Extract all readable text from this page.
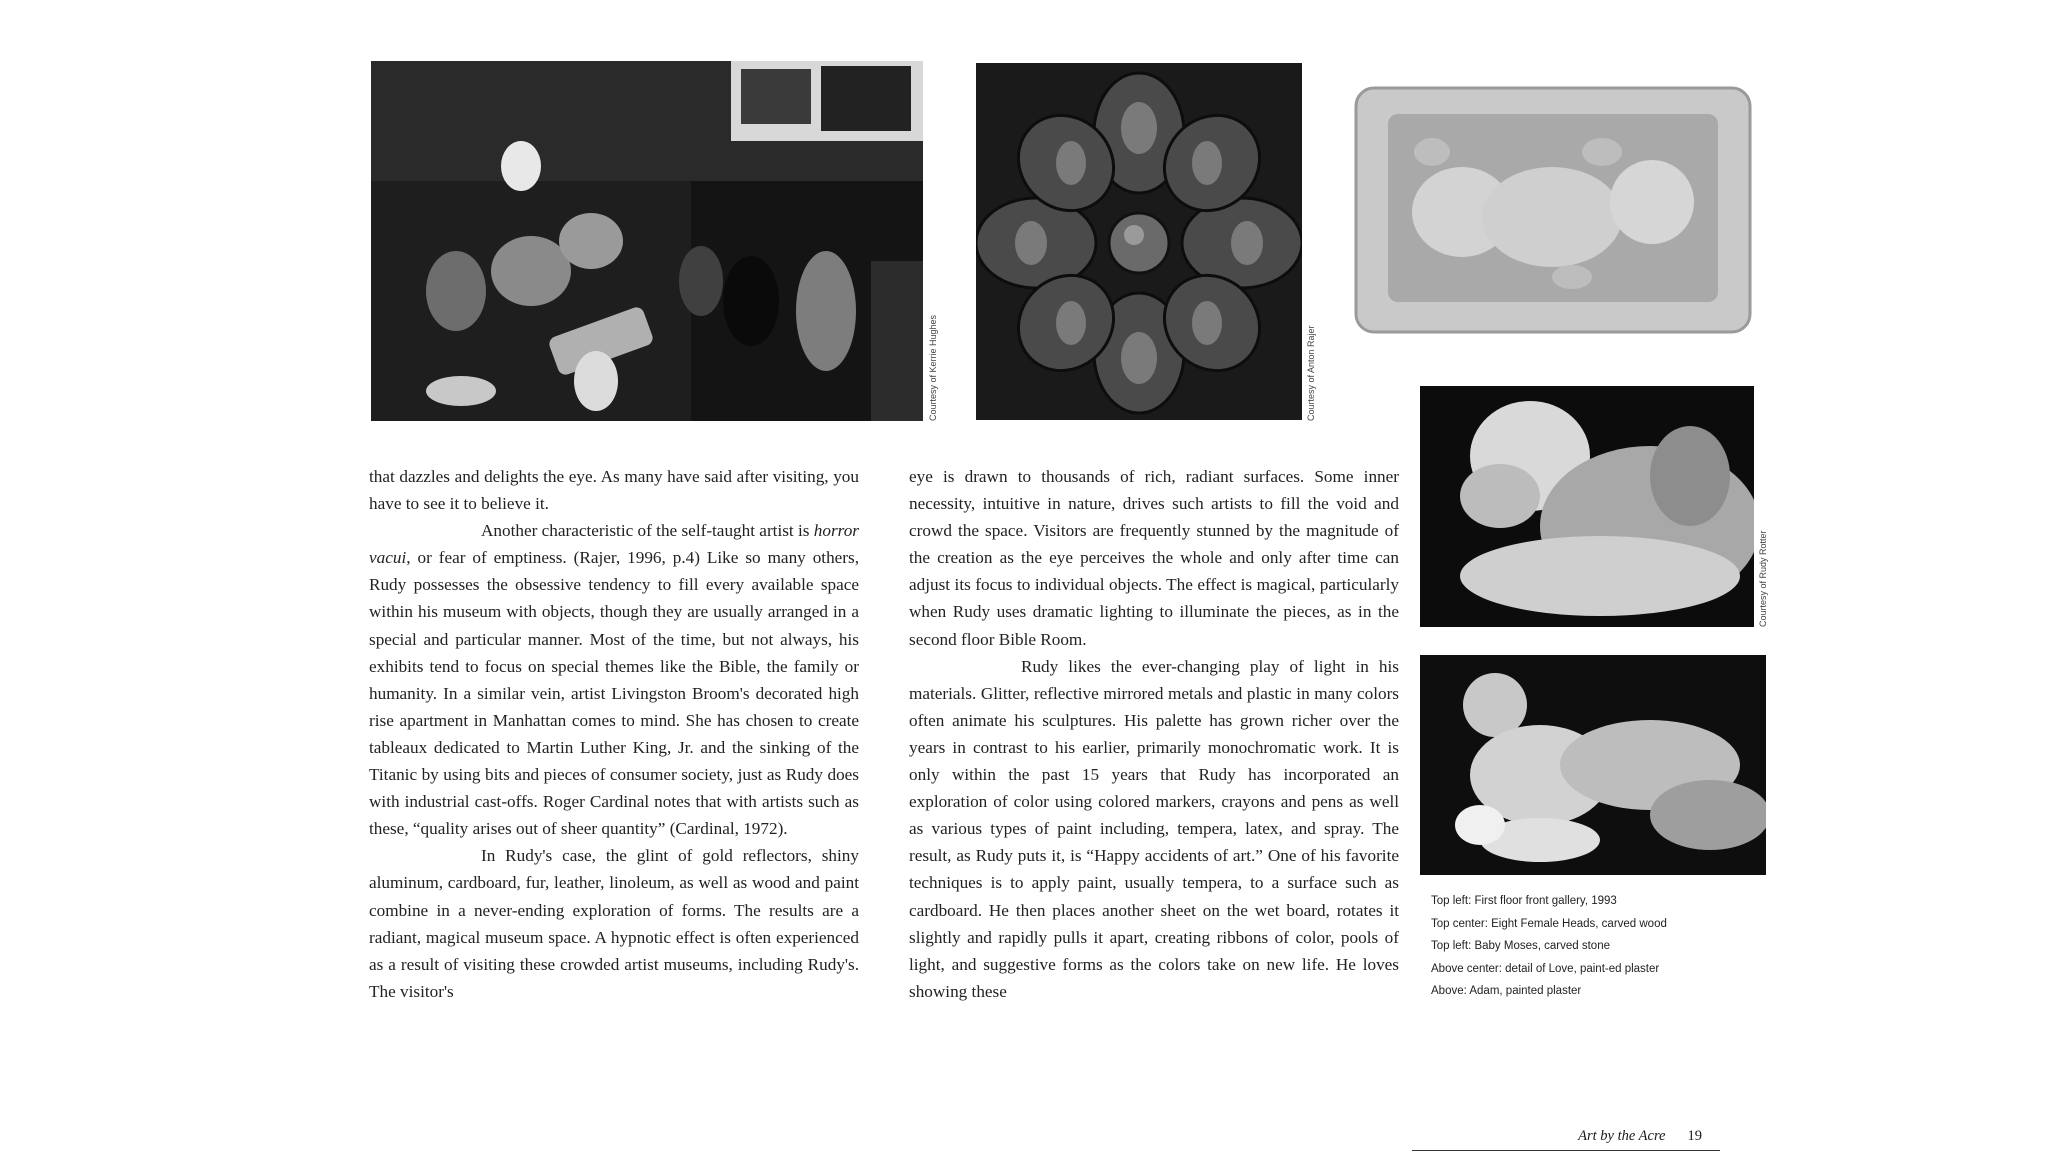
Courtesy of Kerrie Hughes	Courtesy of Anton Rajer
Courtesy of Rudy Rotter

that dazzles and delights the eye. As many have said after visiting, you have to see it to believe it.

Another characteristic of the self-taught artist is horror vacui, or fear of emptiness. (Rajer, 1996, p.4) Like so many others, Rudy possesses the obsessive tendency to fill every available space within his museum with objects, though they are usually arranged in a special and particular manner. Most of the time, but not always, his exhibits tend to focus on special themes like the Bible, the family or humanity. In a similar vein, artist Livingston Broom's decorated high rise apartment in Manhattan comes to mind. She has chosen to create tableaux dedicated to Martin Luther King, Jr. and the sinking of the Titanic by using bits and pieces of consumer society, just as Rudy does with industrial cast-offs. Roger Cardinal notes that with artists such as these, “quality arises out of sheer quantity” (Cardinal, 1972).

In Rudy's case, the glint of gold reflectors, shiny aluminum, cardboard, fur, leather, linoleum, as well as wood and paint combine in a never-ending exploration of forms. The results are a radiant, magical museum space. A hypnotic effect is often experienced as a result of visiting these crowded artist museums, including Rudy's. The visitor's

eye is drawn to thousands of rich, radiant surfaces. Some inner necessity, intuitive in nature, drives such artists to fill the void and crowd the space. Visitors are frequently stunned by the magnitude of the creation as the eye perceives the whole and only after time can adjust its focus to individual objects. The effect is magical, particularly when Rudy uses dramatic lighting to illuminate the pieces, as in the second floor Bible Room.

Rudy likes the ever-changing play of light in his materials. Glitter, reflective mirrored metals and plastic in many colors often animate his sculptures. His palette has grown richer over the years in contrast to his earlier, primarily monochromatic work. It is only within the past 15 years that Rudy has incorporated an exploration of color using colored markers, crayons and pens as well as various types of paint including, tempera, latex, and spray. The result, as Rudy puts it, is “Happy accidents of art.” One of his favorite techniques is to apply paint, usually tempera, to a surface such as cardboard. He then places another sheet on the wet board, rotates it slightly and rapidly pulls it apart, creating ribbons of color, pools of light, and suggestive forms as the colors take on new life. He loves showing these

Top left: First floor front gallery, 1993
Top center: Eight Female Heads, carved wood
Top left: Baby Moses, carved stone
Above center: detail of Love, paint-ed plaster
Above: Adam, painted plaster
Art by the Acre 19
